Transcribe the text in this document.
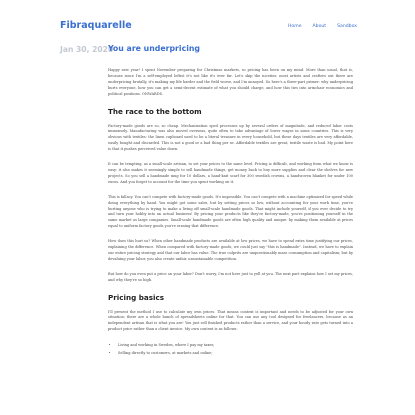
Fibraquarelle	Home About Sandbox
Jan 30, 2020
You are underpricing

Happy new year! I spent November preparing for Christmas markets, so pricing has been on my mind. More than usual, that is, because since I'm a self-employed leftist it's not like it's ever far. Let's skip the niceties: most artists and crafters out there are underpricing brutally, it's making my life harder and the field worse, and I'm annoyed. So here's a three-part primer: why underpricing hurts everyone, how you can get a semi-decent estimate of what you should charge, and how this ties into armchair economics and political positions. ONWARDS.

The race to the bottom

Factory-made goods are so, so cheap. Mechanization sped processes up by several orders of magnitude, and reduced labor costs immensely. Manufacturing was also moved overseas, quite often to take advantage of lower wages in some countries. This is very obvious with textiles: the linen cupboard used to be a literal treasure in every household, but these days textiles are very affordable, easily bought and discarded. This is not a good or a bad thing per se. Affordable textiles are great, textile waste is bad. My point here is that it pushes perceived value down.

It can be tempting, as a small-scale artisan, to set your prices to the same level. Pricing is difficult, and working from what we know is easy: it also makes it seemingly simple to sell handmade things, get money back to buy more supplies and clear the shelves for new projects. So you sell a handmade mug for 10 dollars, a hand-knit scarf for 300 swedish crowns, a handwoven blanket for under 100 euros. And you forget to account for the time you spent working on it.

This is fallacy. You can't compete with factory-made goods. It's impossible. You can't compete with a machine optimized for speed while doing everything by hand. You might get some sales, but by setting prices so low, without accounting for your work time, you're hurting anyone who is trying to make a living off small-scale handmade goods. That might include yourself, if you ever decide to try and turn your hobby into an actual business! By pricing your products like they're factory-made, you're positioning yourself in the same market as large companies. Small-scale handmade goods are often high quality and unique: by making them available at prices equal to uniform factory goods you're erasing that difference.

How does this hurt us? When other handmade products are available at low prices, we have to spend extra time justifying our prices, explaining the difference. When compared with factory-made goods, we could just say "this is handmade". Instead, we have to explain our entire pricing strategy and that our labor has value. The true culprits are unquestionably mass consumption and capitalism; but by devaluing your labor, you also create unfair, unsustainable competition.

But how do you even put a price on your labor? Don't worry, I'm not here just to yell at you. The next part explains how I set my prices, and why they're so high.

Pricing basics

I'll present the method I use to calculate my own prices. That means context is important and needs to be adjusted for your own situation: there are a whole bunch of spreadsheets online for that. You can use any tool designed for freelancers, because as an independent artisan that is what you are! You just sell finished products rather than a service, and your hourly rate gets turned into a product price rather than a client invoice. My own context is as follows:

• Living and working in Sweden, where I pay my taxes;
• Selling directly to customers, at markets and online;
